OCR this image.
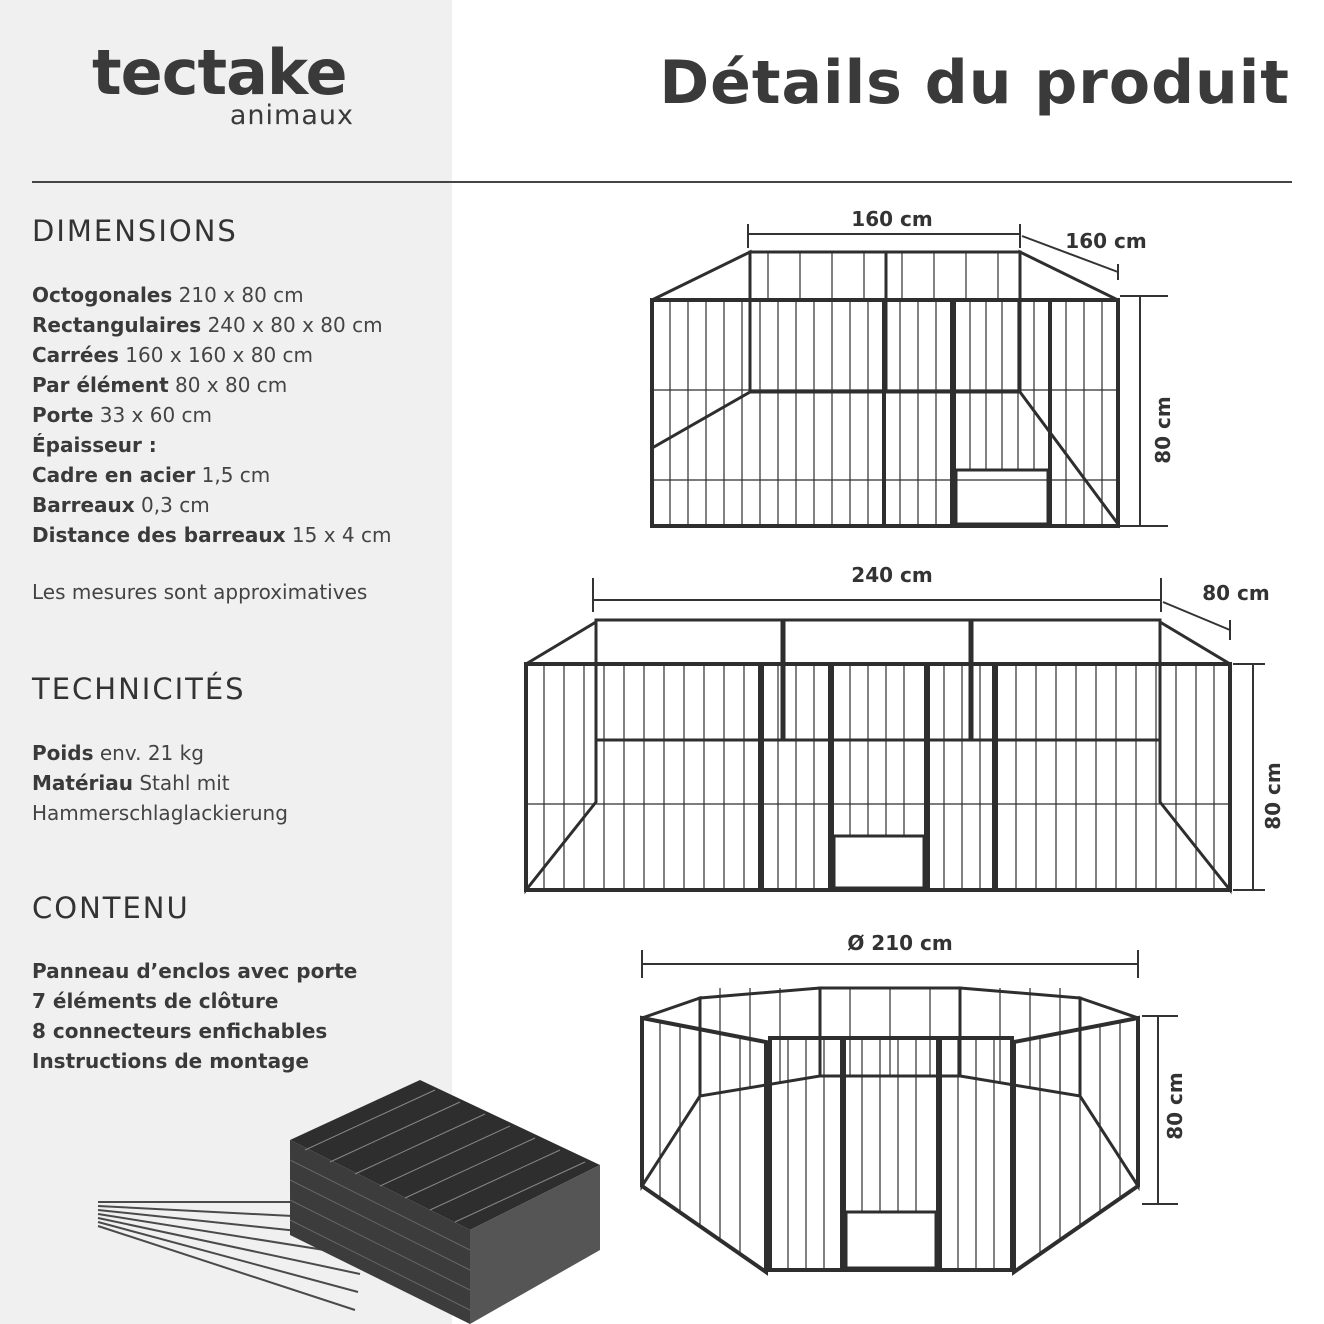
tectake
animaux	Détails du produit
DIMENSIONS
Octogonales 210 x 80 cm
Rectangulaires 240 x 80 x 80 cm
Carrées 160 x 160 x 80 cm
Par élément 80 x 80 cm
Porte 33 x 60 cm
Épaisseur :
Cadre en acier 1,5 cm
Barreaux 0,3 cm
Distance des barreaux 15 x 4 cm
Les mesures sont approximatives
TECHNICITÉS
Poids env. 21 kg
Matériau Stahl mit
Hammerschlaglackierung
CONTENU
Panneau d’enclos avec porte
7 éléments de clôture
8 connecteurs enfichables
Instructions de montage
160 cm
160 cm
80 cm
240 cm
80 cm
80 cm
Ø 210 cm
80 cm
